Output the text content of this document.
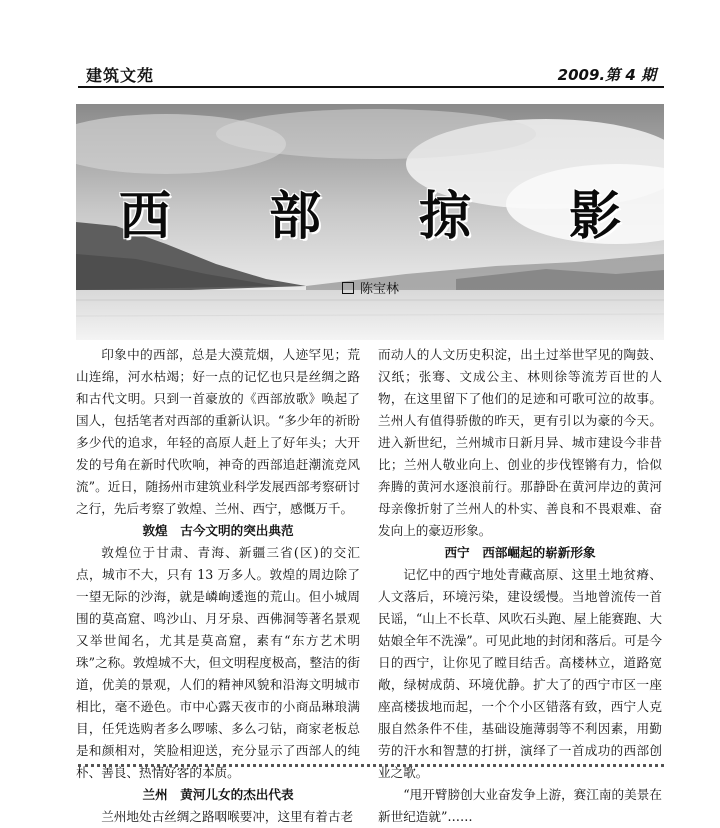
建筑文苑	2009.第 4 期
西 部 掠 影
陈宝林

印象中的西部，总是大漠荒烟，人迹罕见；荒山连绵，河水枯竭；好一点的记忆也只是丝绸之路和古代文明。只到一首豪放的《西部放歌》唤起了国人，包括笔者对西部的重新认识。“多少年的祈盼多少代的追求，年轻的高原人赶上了好年头；大开发的号角在新时代吹响，神奇的西部追赶潮流竞风流”。近日，随扬州市建筑业科学发展西部考察研讨之行，先后考察了敦煌、兰州、西宁，感慨万千。

敦煌　古今文明的突出典范

敦煌位于甘肃、青海、新疆三省(区)的交汇点，城市不大，只有 13 万多人。敦煌的周边除了一望无际的沙海，就是嶙峋逶迤的荒山。但小城周围的莫高窟、鸣沙山、月牙泉、西佛洞等著名景观又举世闻名，尤其是莫高窟，素有“东方艺术明珠”之称。敦煌城不大，但文明程度极高，整洁的街道，优美的景观，人们的精神风貌和沿海文明城市相比，毫不逊色。市中心露天夜市的小商品琳琅满目，任凭选购者多么啰嗦、多么刁钻，商家老板总是和颜相对，笑脸相迎送，充分显示了西部人的纯朴、善良、热情好客的本质。

兰州　黄河儿女的杰出代表

兰州地处古丝绸之路咽喉要冲，这里有着古老

而动人的人文历史积淀，出土过举世罕见的陶鼓、汉纸；张骞、文成公主、林则徐等流芳百世的人物，在这里留下了他们的足迹和可歌可泣的故事。兰州人有值得骄傲的昨天，更有引以为豪的今天。进入新世纪，兰州城市日新月异、城市建设今非昔比；兰州人敬业向上、创业的步伐铿锵有力，恰似奔腾的黄河水逐浪前行。那静卧在黄河岸边的黄河母亲像折射了兰州人的朴实、善良和不畏艰难、奋发向上的豪迈形象。

西宁　西部崛起的崭新形象

记忆中的西宁地处青藏高原、这里土地贫瘠、人文落后，环境污染，建设缓慢。当地曾流传一首民谣，“山上不长草、风吹石头跑、屋上能赛跑、大姑娘全年不洗澡”。可见此地的封闭和落后。可是今日的西宁，让你见了瞠目结舌。高楼林立，道路宽敞，绿树成荫、环境优静。扩大了的西宁市区一座座高楼拔地而起，一个个小区错落有致，西宁人克服自然条件不佳，基础设施薄弱等不利因素，用勤劳的汗水和智慧的打拼，演绎了一首成功的西部创业之歌。

“甩开臂膀创大业奋发争上游，赛江南的美景在新世纪造就”……
